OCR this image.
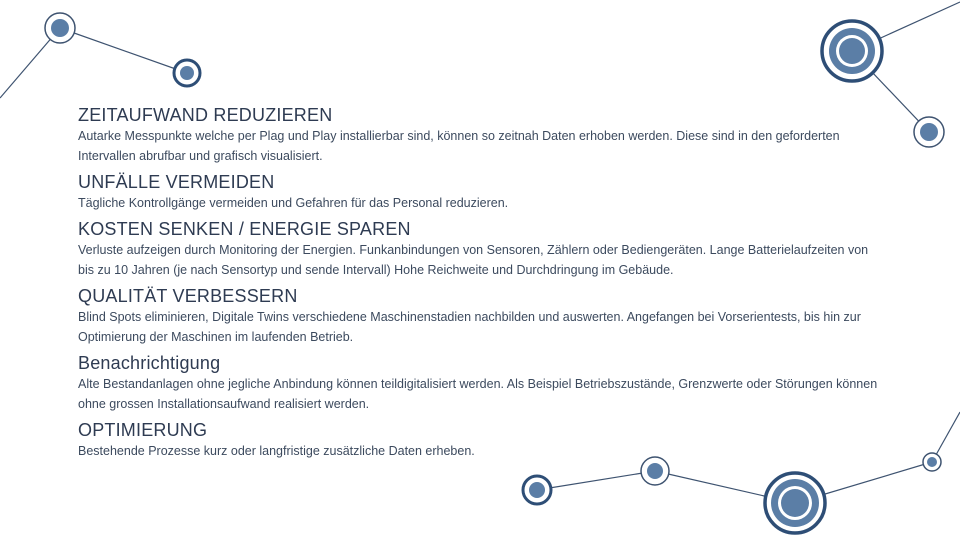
ZEITAUFWAND REDUZIEREN

Autarke Messpunkte welche per Plag und Play installierbar sind, können so zeitnah Daten erhoben werden. Diese sind in den geforderten Intervallen abrufbar und grafisch visualisiert.

UNFÄLLE VERMEIDEN

Tägliche Kontrollgänge vermeiden und Gefahren für das Personal reduzieren.

KOSTEN SENKEN / ENERGIE SPAREN

Verluste aufzeigen durch Monitoring der Energien. Funkanbindungen von Sensoren, Zählern oder Bediengeräten. Lange Batterielaufzeiten von bis zu 10 Jahren (je nach Sensortyp und sende Intervall) Hohe Reichweite und Durchdringung im Gebäude.

QUALITÄT VERBESSERN

Blind Spots eliminieren, Digitale Twins verschiedene Maschinenstadien nachbilden und auswerten. Angefangen bei Vorserientests, bis hin zur Optimierung der Maschinen im laufenden Betrieb.

Benachrichtigung

Alte Bestandanlagen ohne jegliche Anbindung können teildigitalisiert werden. Als Beispiel Betriebszustände, Grenzwerte oder Störungen können ohne grossen Installationsaufwand realisiert werden.

OPTIMIERUNG

Bestehende Prozesse kurz oder langfristige zusätzliche Daten erheben.
